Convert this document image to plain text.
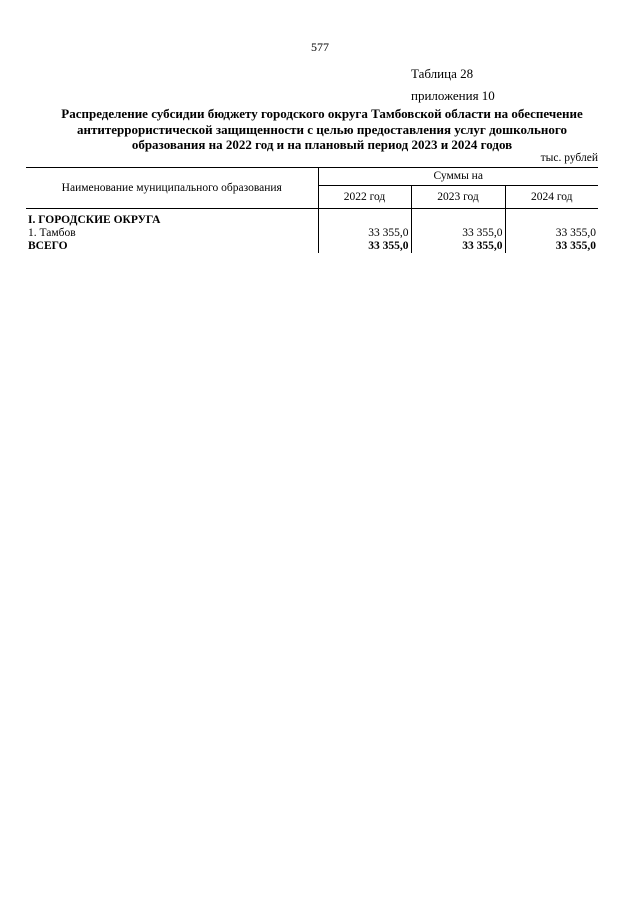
577
Таблица 28
приложения 10
Распределение субсидии бюджету городского округа Тамбовской области на обеспечение
антитеррористической защищенности с целью предоставления услуг дошкольного
образования на 2022 год и на плановый период 2023 и 2024 годов
тыс. рублей
Наименование муниципального образования	Суммы на		
	2022 год	2023 год	2024 год

I. ГОРОДСКИЕ ОКРУГА			
1. Тамбов	33 355,0	33 355,0	33 355,0
ВСЕГО	33 355,0	33 355,0	33 355,0
